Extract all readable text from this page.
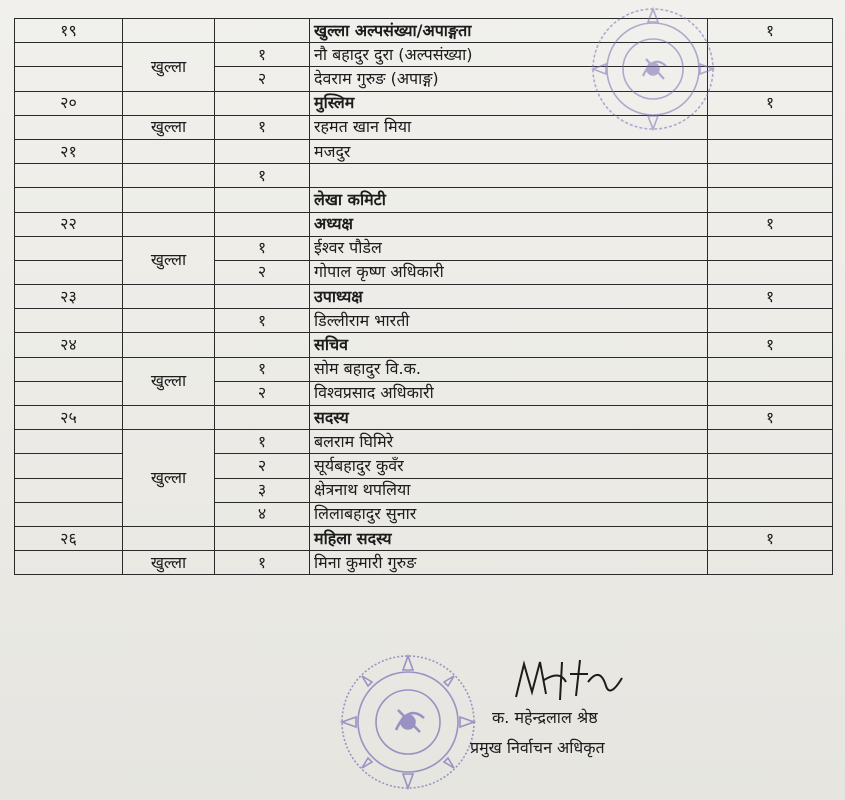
१९			खुल्ला अल्पसंख्या/अपाङ्गता	१
	खुल्ला	१	नौ बहादुर दुरा (अल्पसंख्या)	
		२	देवराम गुरुङ (अपाङ्ग)	
२०			मुस्लिम	१
	खुल्ला	१	रहमत खान मिया	
२१			मजदुर	
		१		
			लेखा कमिटी	
२२			अध्यक्ष	१
	खुल्ला	१	ईश्वर पौडेल	
		२	गोपाल कृष्ण अधिकारी	
२३			उपाध्यक्ष	१
		१	डिल्लीराम भारती	
२४			सचिव	१
	खुल्ला	१	सोम बहादुर वि.क.	
		२	विश्वप्रसाद अधिकारी	
२५			सदस्य	१
	खुल्ला	१	बलराम घिमिरे	
		२	सूर्यबहादुर कुवँर	
		३	क्षेत्रनाथ थपलिया	
		४	लिलाबहादुर सुनार	
२६			महिला सदस्य	१
	खुल्ला	१	मिना कुमारी गुरुङ	
क. महेन्द्रलाल श्रेष्ठ
प्रमुख निर्वाचन अधिकृत
